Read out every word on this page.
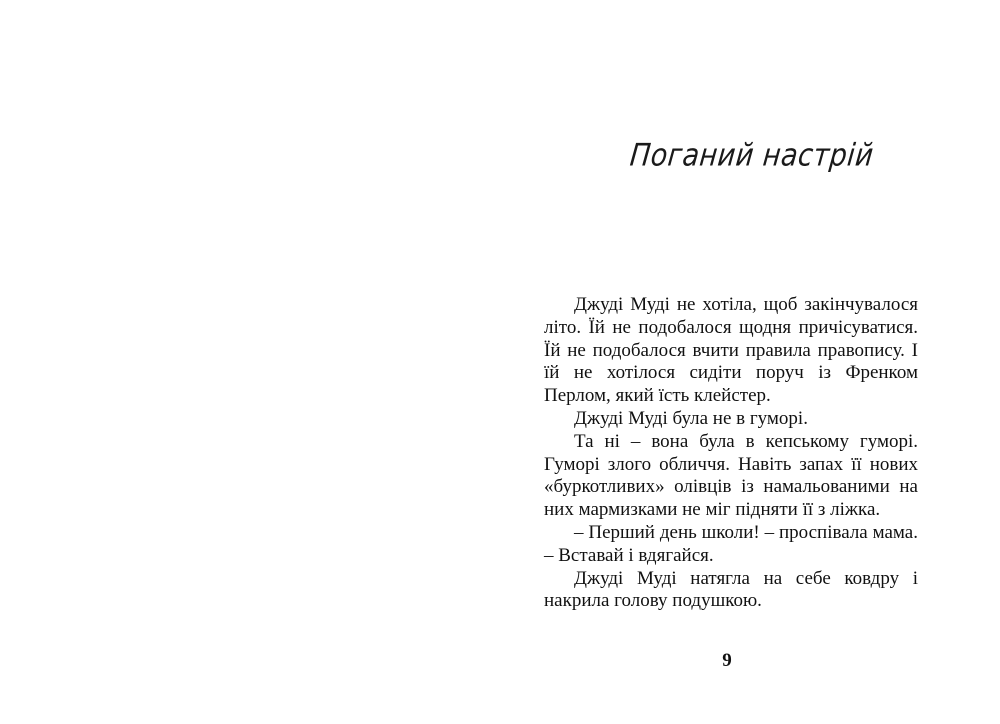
Поганий настрій

Джуді Муді не хотіла, щоб закінчувалося літо. Їй не подобалося щодня причісуватися. Їй не подобалося вчити правила правопису. І їй не хотілося сидіти поруч із Френком Перлом, який їсть клейстер.

Джуді Муді була не в гуморі.

Та ні – вона була в кепському гуморі. Гуморі злого обличчя. Навіть запах її нових «буркотливих» олівців із намальованими на них мармизками не міг підняти її з ліжка.

– Перший день школи! – проспівала мама. – Вставай і вдягайся.

Джуді Муді натягла на себе ковдру і накрила голову подушкою.

9
